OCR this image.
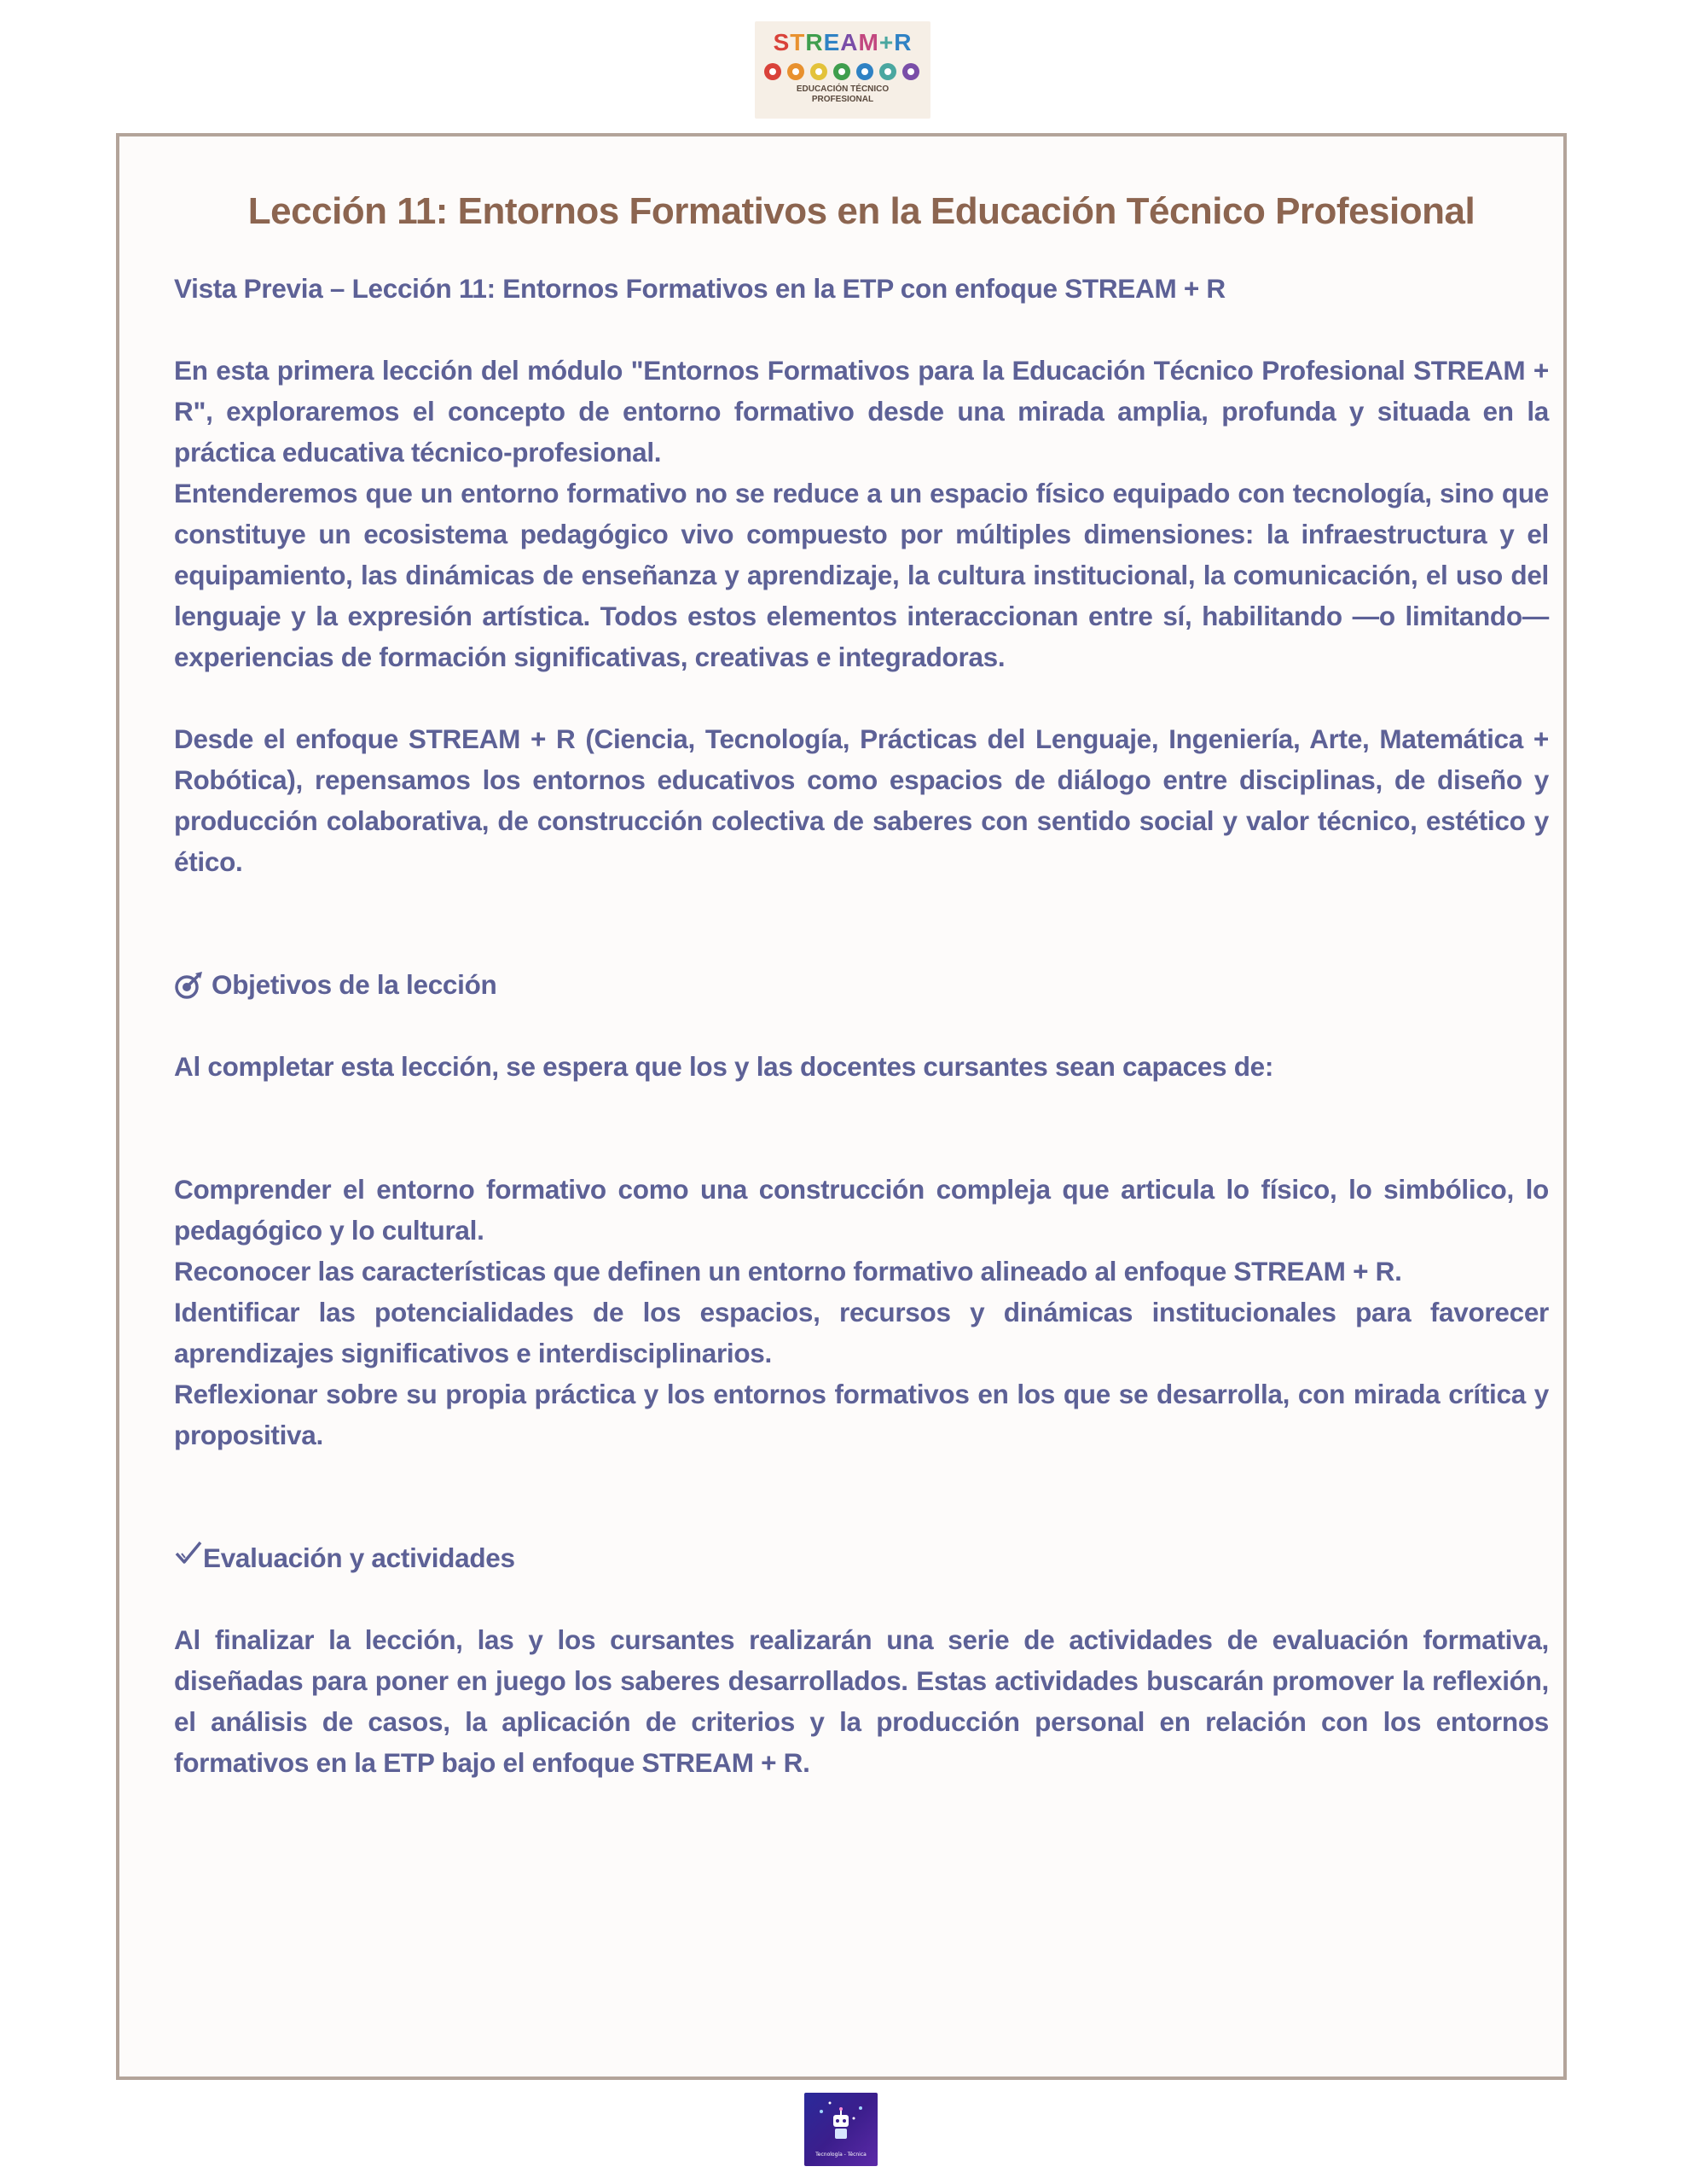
STREAM+R
EDUCACIÓN TÉCNICO
PROFESIONAL
Lección 11: Entornos Formativos en la Educación Técnico Profesional

Vista Previa – Lección 11: Entornos Formativos en la ETP con enfoque STREAM + R

En esta primera lección del módulo "Entornos Formativos para la Educación Técnico Profesional STREAM + R", exploraremos el concepto de entorno formativo desde una mirada amplia, profunda y situada en la práctica educativa técnico-profesional.

Entenderemos que un entorno formativo no se reduce a un espacio físico equipado con tecnología, sino que constituye un ecosistema pedagógico vivo compuesto por múltiples dimensiones: la infraestructura y el equipamiento, las dinámicas de enseñanza y aprendizaje, la cultura institucional, la comunicación, el uso del lenguaje y la expresión artística. Todos estos elementos interaccionan entre sí, habilitando —o limitando— experiencias de formación significativas, creativas e integradoras.

Desde el enfoque STREAM + R (Ciencia, Tecnología, Prácticas del Lenguaje, Ingeniería, Arte, Matemática + Robótica), repensamos los entornos educativos como espacios de diálogo entre disciplinas, de diseño y producción colaborativa, de construcción colectiva de saberes con sentido social y valor técnico, estético y ético.

Objetivos de la lección

Al completar esta lección, se espera que los y las docentes cursantes sean capaces de:

Comprender el entorno formativo como una construcción compleja que articula lo físico, lo simbólico, lo pedagógico y lo cultural.

Reconocer las características que definen un entorno formativo alineado al enfoque STREAM + R.

Identificar las potencialidades de los espacios, recursos y dinámicas institucionales para favorecer aprendizajes significativos e interdisciplinarios.

Reflexionar sobre su propia práctica y los entornos formativos en los que se desarrolla, con mirada crítica y propositiva.

Evaluación y actividades

Al finalizar la lección, las y los cursantes realizarán una serie de actividades de evaluación formativa, diseñadas para poner en juego los saberes desarrollados. Estas actividades buscarán promover la reflexión, el análisis de casos, la aplicación de criterios y la producción personal en relación con los entornos formativos en la ETP bajo el enfoque STREAM + R.

Tecnología - Técnica
